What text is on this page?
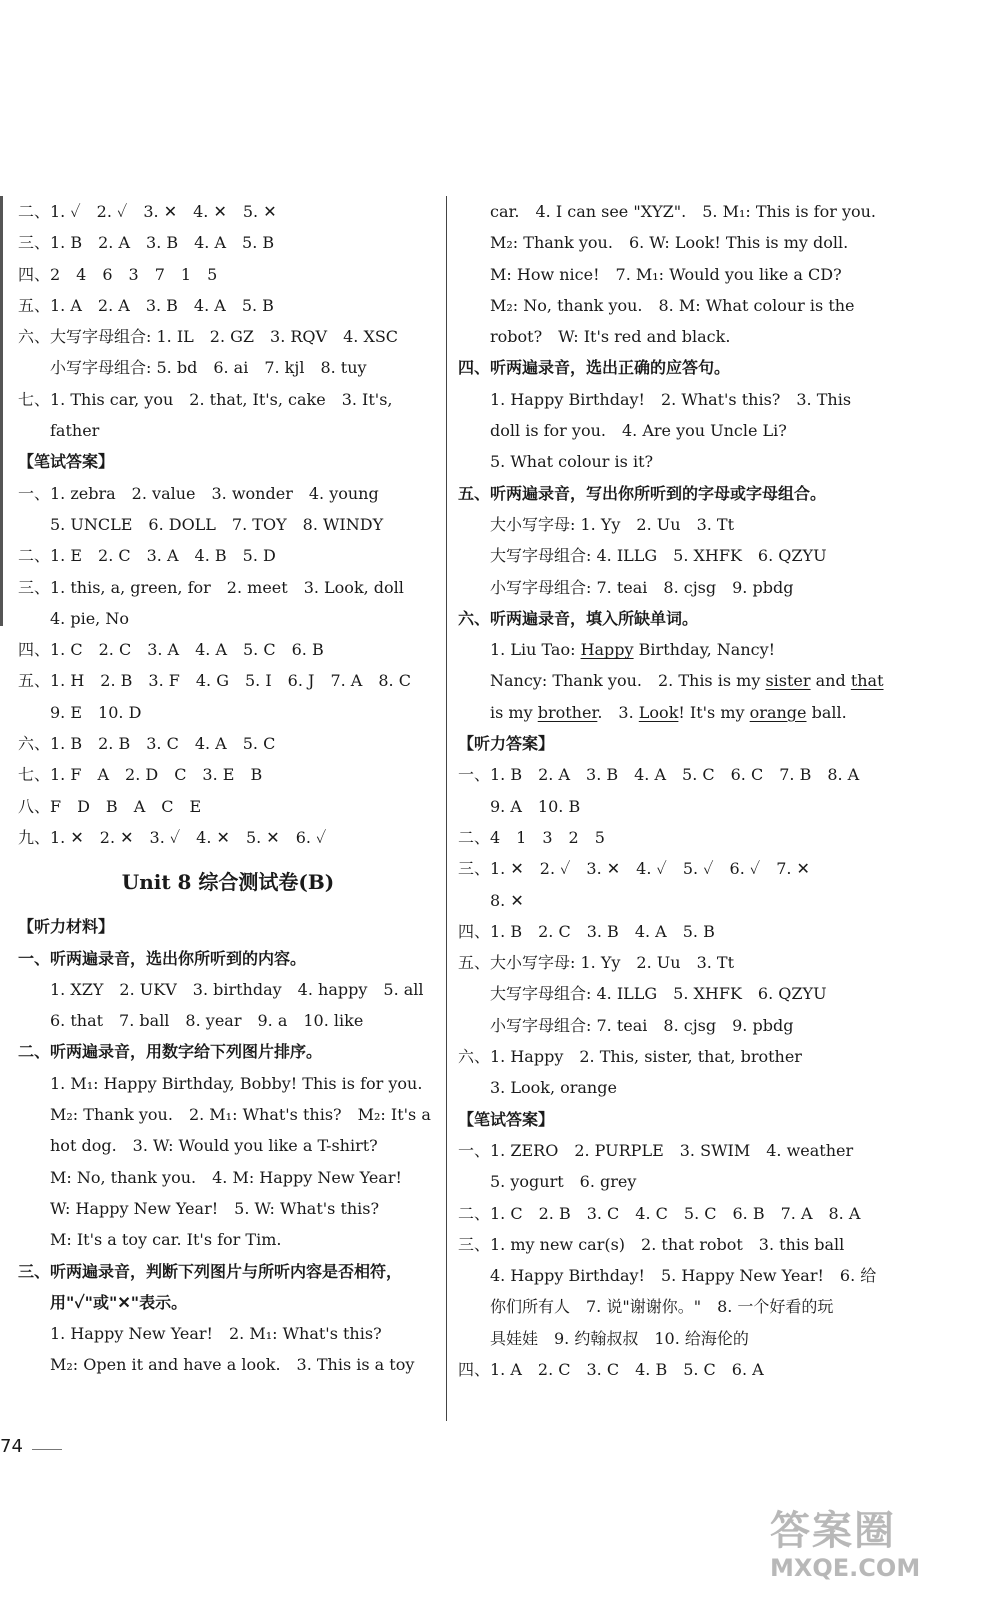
二、1. ✓　2. ✓　3. ✕　4. ✕　5. ✕
三、1. B　2. A　3. B　4. A　5. B
四、2　4　6　3　7　1　5
五、1. A　2. A　3. B　4. A　5. B
六、大写字母组合: 1. IL　2. GZ　3. RQV　4. XSC
小写字母组合: 5. bd　6. ai　7. kjl　8. tuy
七、1. This car, you　2. that, It's, cake　3. It's,
father
【笔试答案】
一、1. zebra　2. value　3. wonder　4. young
5. UNCLE　6. DOLL　7. TOY　8. WINDY
二、1. E　2. C　3. A　4. B　5. D
三、1. this, a, green, for　2. meet　3. Look, doll
4. pie, No
四、1. C　2. C　3. A　4. A　5. C　6. B
五、1. H　2. B　3. F　4. G　5. I　6. J　7. A　8. C
9. E　10. D
六、1. B　2. B　3. C　4. A　5. C
七、1. F　A　2. D　C　3. E　B
八、F　D　B　A　C　E
九、1. ✕　2. ✕　3. ✓　4. ✕　5. ✕　6. ✓
Unit 8 综合测试卷(B)
【听力材料】
一、听两遍录音，选出你所听到的内容。
1. XZY　2. UKV　3. birthday　4. happy　5. all
6. that　7. ball　8. year　9. a　10. like
二、听两遍录音，用数字给下列图片排序。
1. M₁: Happy Birthday, Bobby! This is for you.
M₂: Thank you.　2. M₁: What's this?　M₂: It's a
hot dog.　3. W: Would you like a T-shirt?
M: No, thank you.　4. M: Happy New Year!
W: Happy New Year!　5. W: What's this?
M: It's a toy car. It's for Tim.
三、听两遍录音，判断下列图片与所听内容是否相符，
用"✓"或"✕"表示。
1. Happy New Year!　2. M₁: What's this?
M₂: Open it and have a look.　3. This is a toy
car.　4. I can see "XYZ".　5. M₁: This is for you.
M₂: Thank you.　6. W: Look! This is my doll.
M: How nice!　7. M₁: Would you like a CD?
M₂: No, thank you.　8. M: What colour is the
robot?　W: It's red and black.
四、听两遍录音，选出正确的应答句。
1. Happy Birthday!　2. What's this?　3. This
doll is for you.　4. Are you Uncle Li?
5. What colour is it?
五、听两遍录音，写出你所听到的字母或字母组合。
大小写字母: 1. Yy　2. Uu　3. Tt
大写字母组合: 4. ILLG　5. XHFK　6. QZYU
小写字母组合: 7. teai　8. cjsg　9. pbdg
六、听两遍录音，填入所缺单词。
1. Liu Tao: Happy Birthday, Nancy!
Nancy: Thank you.　2. This is my sister and that
is my brother.　3. Look! It's my orange ball.
【听力答案】
一、1. B　2. A　3. B　4. A　5. C　6. C　7. B　8. A
9. A　10. B
二、4　1　3　2　5
三、1. ✕　2. ✓　3. ✕　4. ✓　5. ✓　6. ✓　7. ✕
8. ✕
四、1. B　2. C　3. B　4. A　5. B
五、大小写字母: 1. Yy　2. Uu　3. Tt
大写字母组合: 4. ILLG　5. XHFK　6. QZYU
小写字母组合: 7. teai　8. cjsg　9. pbdg
六、1. Happy　2. This, sister, that, brother
3. Look, orange
【笔试答案】
一、1. ZERO　2. PURPLE　3. SWIM　4. weather
5. yogurt　6. grey
二、1. C　2. B　3. C　4. C　5. C　6. B　7. A　8. A
三、1. my new car(s)　2. that robot　3. this ball
4. Happy Birthday!　5. Happy New Year!　6. 给
你们所有人　7. 说"谢谢你。"　8. 一个好看的玩
具娃娃　9. 约翰叔叔　10. 给海伦的
四、1. A　2. C　3. C　4. B　5. C　6. A
74
答案圈
MXQE.COM
